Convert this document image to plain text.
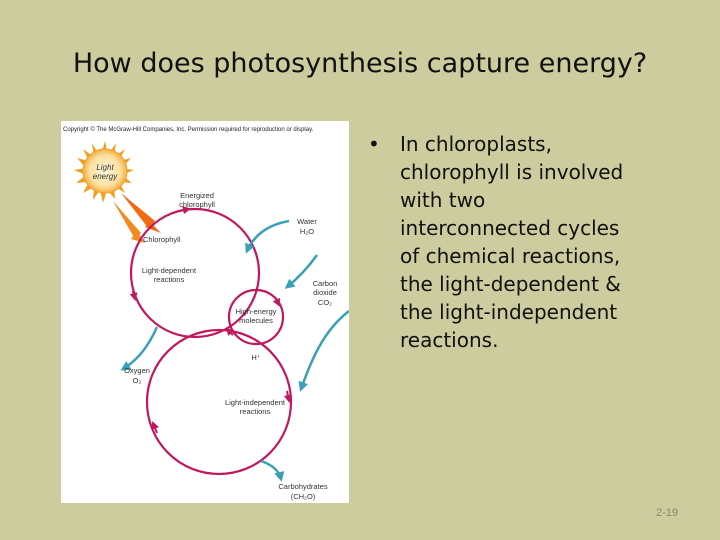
How does photosynthesis capture energy?
Copyright © The McGraw-Hill Companies, Inc. Permission required for reproduction or display.
Light
energy
Energized
chlorophyll
Chlorophyll
Water
H₂O
Light-dependent
reactions	Carbon
dioxide
CO₂
High-energy
molecules
H⁺
Oxygen
O₂
Light-independent
reactions
Carbohydrates
(CH₂O)
• In chloroplasts, chlorophyll is involved with two interconnected cycles of chemical reactions, the light-dependent & the light-independent reactions.
2-19
